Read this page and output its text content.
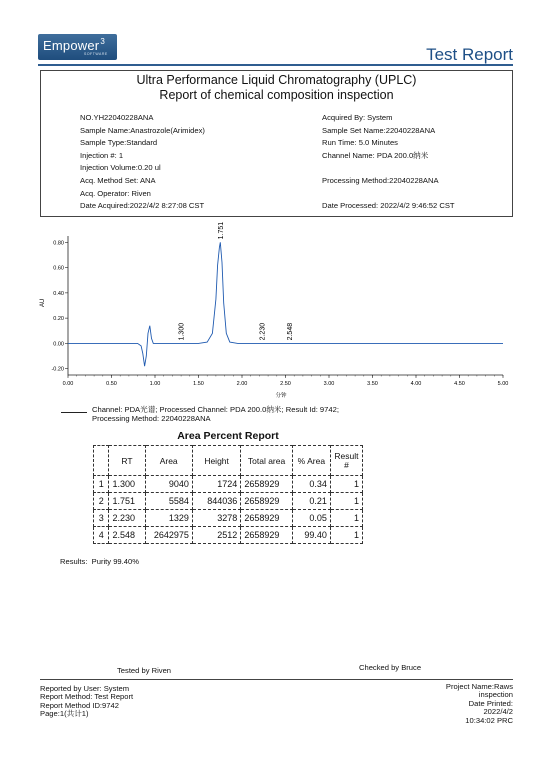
Empower$^3$
SOFTWARE	Test Report
Ultra Performance Liquid Chromatography (UPLC)
Report of chemical composition inspection
NO.YH22040228ANA
Sample Name:Anastrozole(Arimidex)
Sample Type:Standard
Injection #: 1
Injection Volume:0.20 ul
Acq. Method Set: ANA
Acq. Operator: Riven
Date Acquired:2022/4/2 8:27:08 CST
Acquired By: System
Sample Set Name:22040228ANA
Run Time: 5.0 Minutes
Channel Name: PDA 200.0纳米
Processing Method:22040228ANA
Date Processed: 2022/4/2 9:46:52 CST
0.80
0.60
0.40
0.20
0.00
-0.20
0.00	0.50	1.00	1.50	2.00	2.50	3.00	3.50	4.00	4.50	5.00
1.300
1.751
2.230	2.548
AU
分钟
Channel: PDA光谱; Processed Channel: PDA 200.0纳米; Result Id: 9742;
Processing Method: 22040228ANA
Area Percent Report
	RT	Area	Height	Total area	% Area	Result #
1	1.300	9040	1724	2658929	0.34	1
2	1.751	5584	844036	2658929	0.21	1
3	2.230	1329	3278	2658929	0.05	1
4	2.548	2642975	2512	2658929	99.40	1
Results: Purity 99.40%
Tested by Riven	Checked by Bruce
Reported by User: System
Report Method: Test Report
Report Method ID:9742
Page:1(共计1)
Project Name:Raws
inspection
Date Printed:
2022/4/2
10:34:02 PRC
